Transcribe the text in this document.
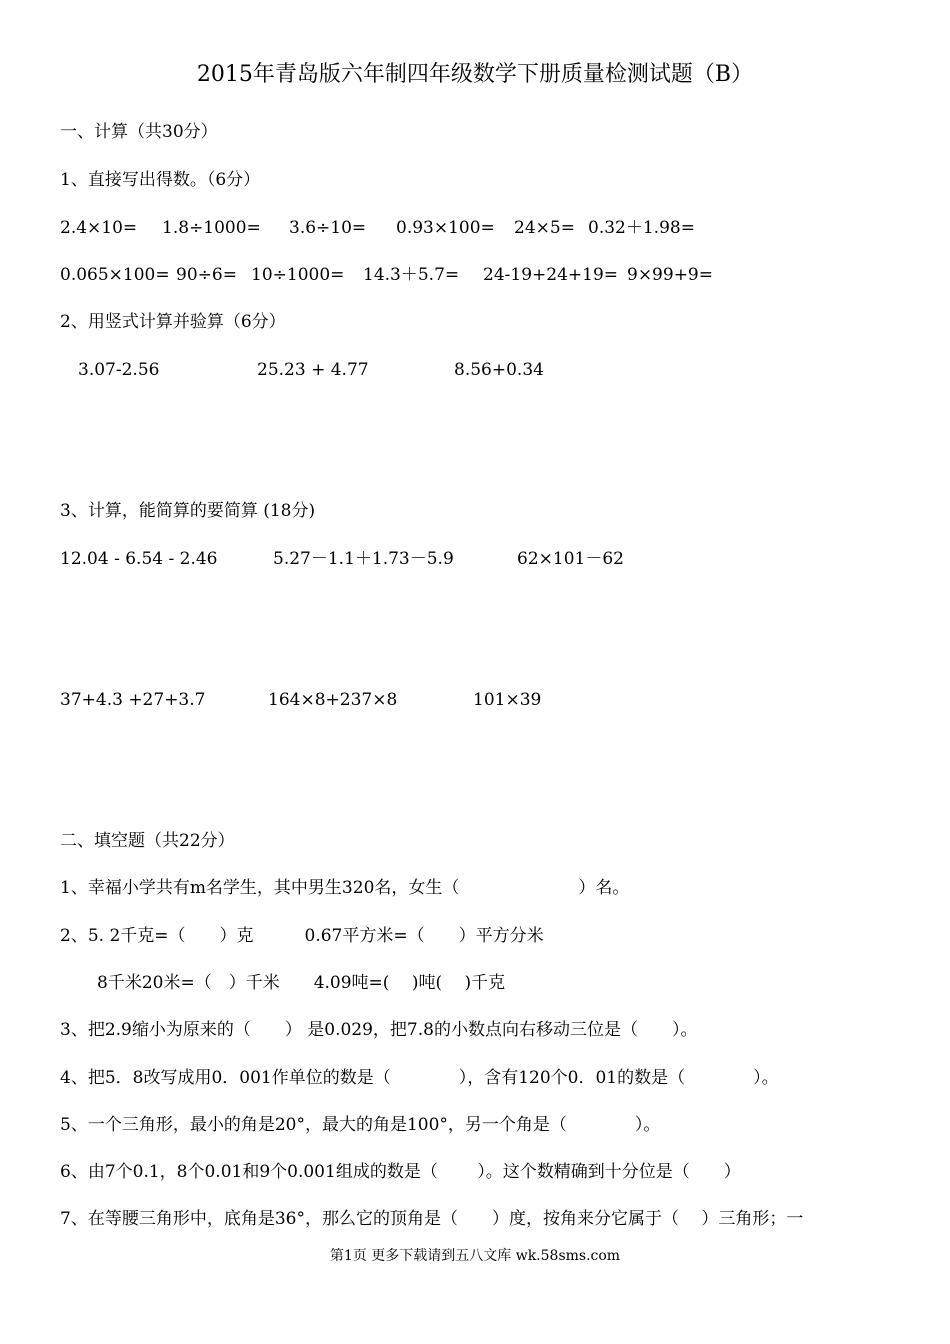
2015年青岛版六年制四年级数学下册质量检测试题（B）
一、计算（共30分）
1、直接写出得数。（6分）
2.4×10= 1.8÷1000= 3.6÷10= 0.93×100= 24×5= 0.32＋1.98=
0.065×100= 90÷6= 10÷1000= 14.3＋5.7= 24-19+24+19= 9×99+9=
2、用竖式计算并验算（6分）
3.07-2.56	25.23 + 4.77	8.56+0.34
3、计算，能简算的要简算 (18分)
12.04 - 6.54 - 2.46	5.27－1.1＋1.73－5.9	62×101－62
37+4.3 +27+3.7	164×8+237×8	101×39
二、填空题（共22分）
1、幸福小学共有m名学生，其中男生320名，女生（　　　　　　　）名。
2、5. 2千克=（　　）克　　　0.67平方米=（　　）平方分米
8千米20米=（　）千米　　4.09吨=(　 )吨(　 )千克
3、把2.9缩小为原来的（　　） 是0.029，把7.8的小数点向右移动三位是（　　）。
4、把5．8改写成用0．001作单位的数是（　　　　），含有120个0．01的数是（　　　　）。
5、一个三角形，最小的角是20°，最大的角是100°，另一个角是（　　　　）。
6、由7个0.1，8个0.01和9个0.001组成的数是（　　 ）。这个数精确到十分位是（　　）
7、在等腰三角形中，底角是36°，那么它的顶角是（　　）度，按角来分它属于（　 ）三角形；一
第1页 更多下载请到五八文库 wk.58sms.com
